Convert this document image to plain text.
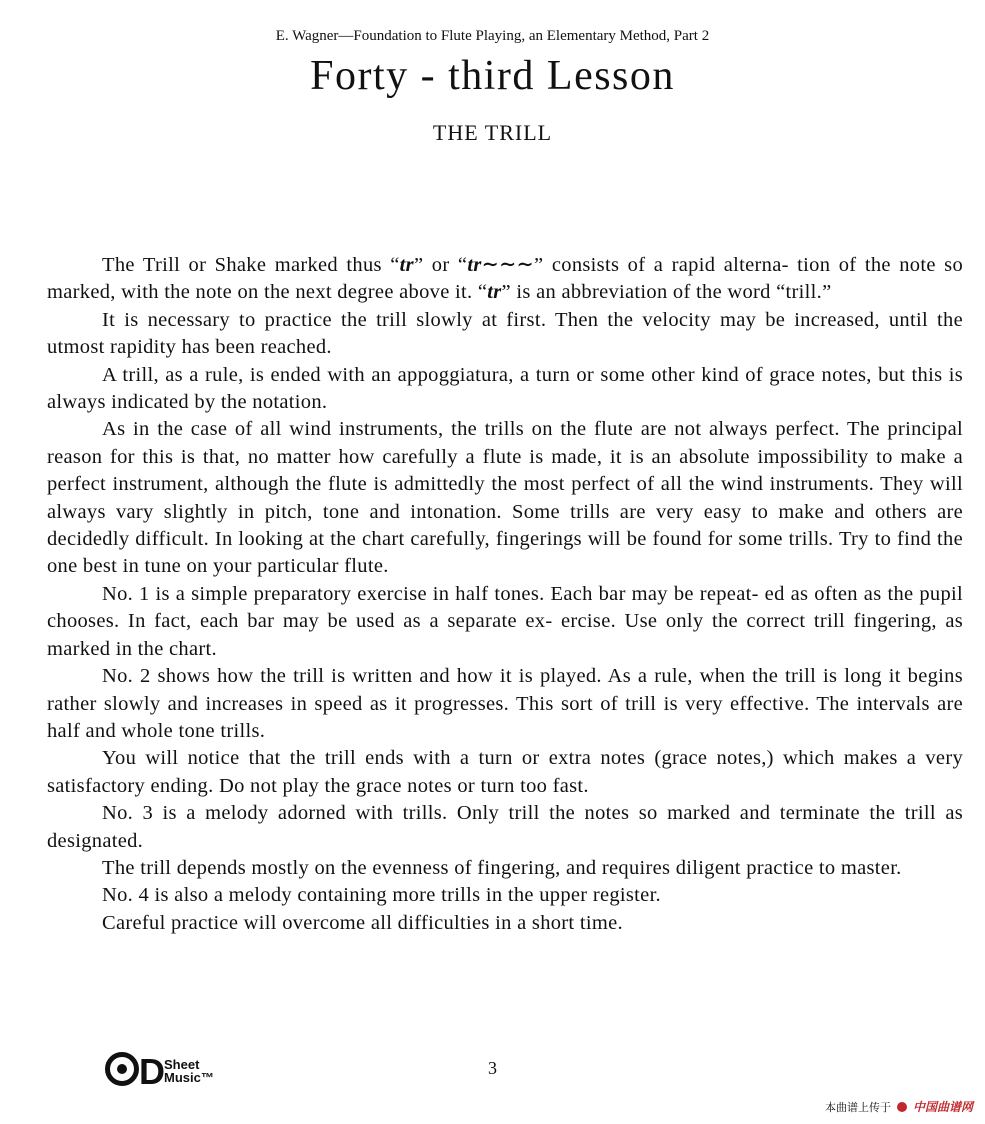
E. Wagner—Foundation to Flute Playing, an Elementary Method, Part 2
Forty - third Lesson
THE TRILL

The Trill or Shake marked thus “tr” or “tr∼∼∼” consists of a rapid alterna- tion of the note so marked, with the note on the next degree above it. “tr” is an abbreviation of the word “trill.”

It is necessary to practice the trill slowly at first. Then the velocity may be increased, until the utmost rapidity has been reached.

A trill, as a rule, is ended with an appoggiatura, a turn or some other kind of grace notes, but this is always indicated by the notation.

As in the case of all wind instruments, the trills on the flute are not always perfect. The principal reason for this is that, no matter how carefully a flute is made, it is an absolute impossibility to make a perfect instrument, although the flute is admittedly the most perfect of all the wind instruments. They will always vary slightly in pitch, tone and intonation. Some trills are very easy to make and others are decidedly difficult. In looking at the chart carefully, fingerings will be found for some trills. Try to find the one best in tune on your particular flute.

No. 1 is a simple preparatory exercise in half tones. Each bar may be repeat- ed as often as the pupil chooses. In fact, each bar may be used as a separate ex- ercise. Use only the correct trill fingering, as marked in the chart.

No. 2 shows how the trill is written and how it is played. As a rule, when the trill is long it begins rather slowly and increases in speed as it progresses. This sort of trill is very effective. The intervals are half and whole tone trills.

You will notice that the trill ends with a turn or extra notes (grace notes,) which makes a very satisfactory ending. Do not play the grace notes or turn too fast.

No. 3 is a melody adorned with trills. Only trill the notes so marked and terminate the trill as designated.

The trill depends mostly on the evenness of fingering, and requires diligent practice to master.

No. 4 is also a melody containing more trills in the upper register.

Careful practice will overcome all difficulties in a short time.

D Sheet
Music™	3
本曲谱上传于 中国曲谱网
